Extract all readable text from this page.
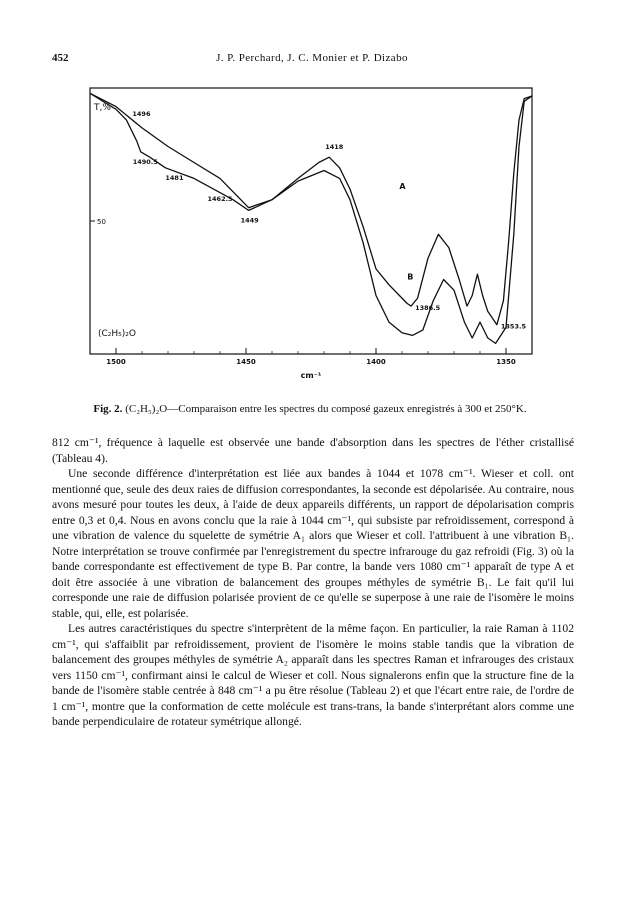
452	J. P. Perchard, J. C. Monier et P. Dizabo
50
1500	1450	1400	1350
cm⁻¹
T,%
(C₂H₅)₂O
1496
1490.5
1481
1462.5
1449
1418
1386.5
1353.5
A
B
Fig. 2. (C₂H₅)₂O—Comparaison entre les spectres du composé gazeux enregistrés à 300 et 250°K.

812 cm⁻¹, fréquence à laquelle est observée une bande d'absorption dans les spectres de l'éther cristallisé (Tableau 4).

Une seconde différence d'interprétation est liée aux bandes à 1044 et 1078 cm⁻¹. Wieser et coll. ont mentionné que, seule des deux raies de diffusion correspondantes, la seconde est dépolarisée. Au contraire, nous avons mesuré pour toutes les deux, à l'aide de deux appareils différents, un rapport de dépolarisation compris entre 0,3 et 0,4. Nous en avons conclu que la raie à 1044 cm⁻¹, qui subsiste par refroidissement, correspond à une vibration de valence du squelette de symétrie A₁ alors que Wieser et coll. l'attribuent à une vibration B₁. Notre interprétation se trouve confirmée par l'enregistrement du spectre infrarouge du gaz refroidi (Fig. 3) où la bande correspondante est effectivement de type B. Par contre, la bande vers 1080 cm⁻¹ apparaît de type A et doit être associée à une vibration de balancement des groupes méthyles de symétrie B₁. Le fait qu'il lui corresponde une raie de diffusion polarisée provient de ce qu'elle se superpose à une raie de l'isomère le moins stable, qui, elle, est polarisée.

Les autres caractéristiques du spectre s'interprètent de la même façon. En particulier, la raie Raman à 1102 cm⁻¹, qui s'affaiblit par refroidissement, provient de l'isomère le moins stable tandis que la vibration de balancement des groupes méthyles de symétrie A₂ apparaît dans les spectres Raman et infrarouges des cristaux vers 1150 cm⁻¹, confirmant ainsi le calcul de Wieser et coll. Nous signalerons enfin que la structure fine de la bande de l'isomère stable centrée à 848 cm⁻¹ a pu être résolue (Tableau 2) et que l'écart entre raie, de l'ordre de 1 cm⁻¹, montre que la conformation de cette molécule est trans-trans, la bande s'interprétant alors comme une bande perpendiculaire de rotateur symétrique allongé.
